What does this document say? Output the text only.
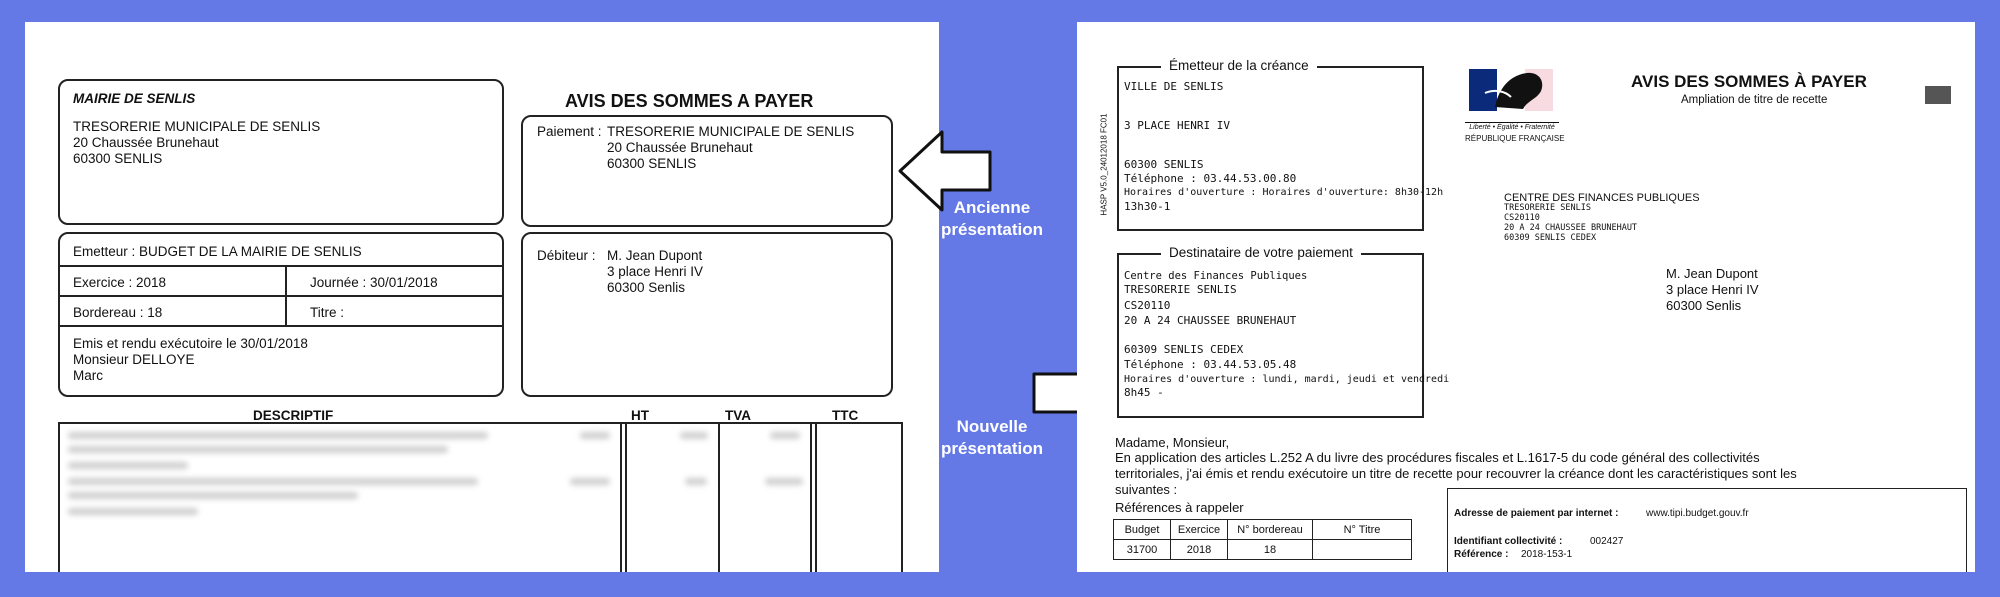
MAIRIE DE SENLIS
TRESORERIE MUNICIPALE DE SENLIS
20 Chaussée Brunehaut
60300 SENLIS
AVIS DES SOMMES A PAYER
Paiement : TRESORERIE MUNICIPALE DE SENLIS
20 Chaussée Brunehaut
60300 SENLIS
Emetteur : BUDGET DE LA MAIRIE DE SENLIS
Exercice : 2018	Journée : 30/01/2018
Bordereau : 18	Titre :
Emis et rendu exécutoire le 30/01/2018
Monsieur DELLOYE
Marc
Débiteur : M. Jean Dupont
3 place Henri IV
60300 Senlis
DESCRIPTIF	HT	TVA	TTC
Ancienne
présentation
Nouvelle
présentation
Émetteur de la créance
VILLE DE SENLIS
3 PLACE HENRI IV
60300 SENLIS
Téléphone : 03.44.53.00.80
Horaires d'ouverture : Horaires d'ouverture: 8h30-12h
13h30-1
HASP V5.0_24012018 FC01	Liberté • Égalité • Fraternité
RÉPUBLIQUE FRANÇAISE
AVIS DES SOMMES À PAYER
Ampliation de titre de recette
CENTRE DES FINANCES PUBLIQUES
TRESORERIE SENLIS
CS20110
20 A 24 CHAUSSEE BRUNEHAUT
60309 SENLIS CEDEX
Destinataire de votre paiement
Centre des Finances Publiques
TRESORERIE SENLIS
CS20110
20 A 24 CHAUSSEE BRUNEHAUT
60309 SENLIS CEDEX
Téléphone : 03.44.53.05.48
Horaires d'ouverture : lundi, mardi, jeudi et vendredi
8h45 -
M. Jean Dupont
3 place Henri IV
60300 Senlis
Madame, Monsieur,
En application des articles L.252 A du livre des procédures fiscales et L.1617-5 du code général des collectivités
territoriales, j'ai émis et rendu exécutoire un titre de recette pour recouvrer la créance dont les caractéristiques sont les
suivantes :
Références à rappeler
Budget	Exercice	N° bordereau	N° Titre
31700	2018	18	
Adresse de paiement par internet :	www.tipi.budget.gouv.fr
Identifiant collectivité :	002427
Référence : 2018-153-1
